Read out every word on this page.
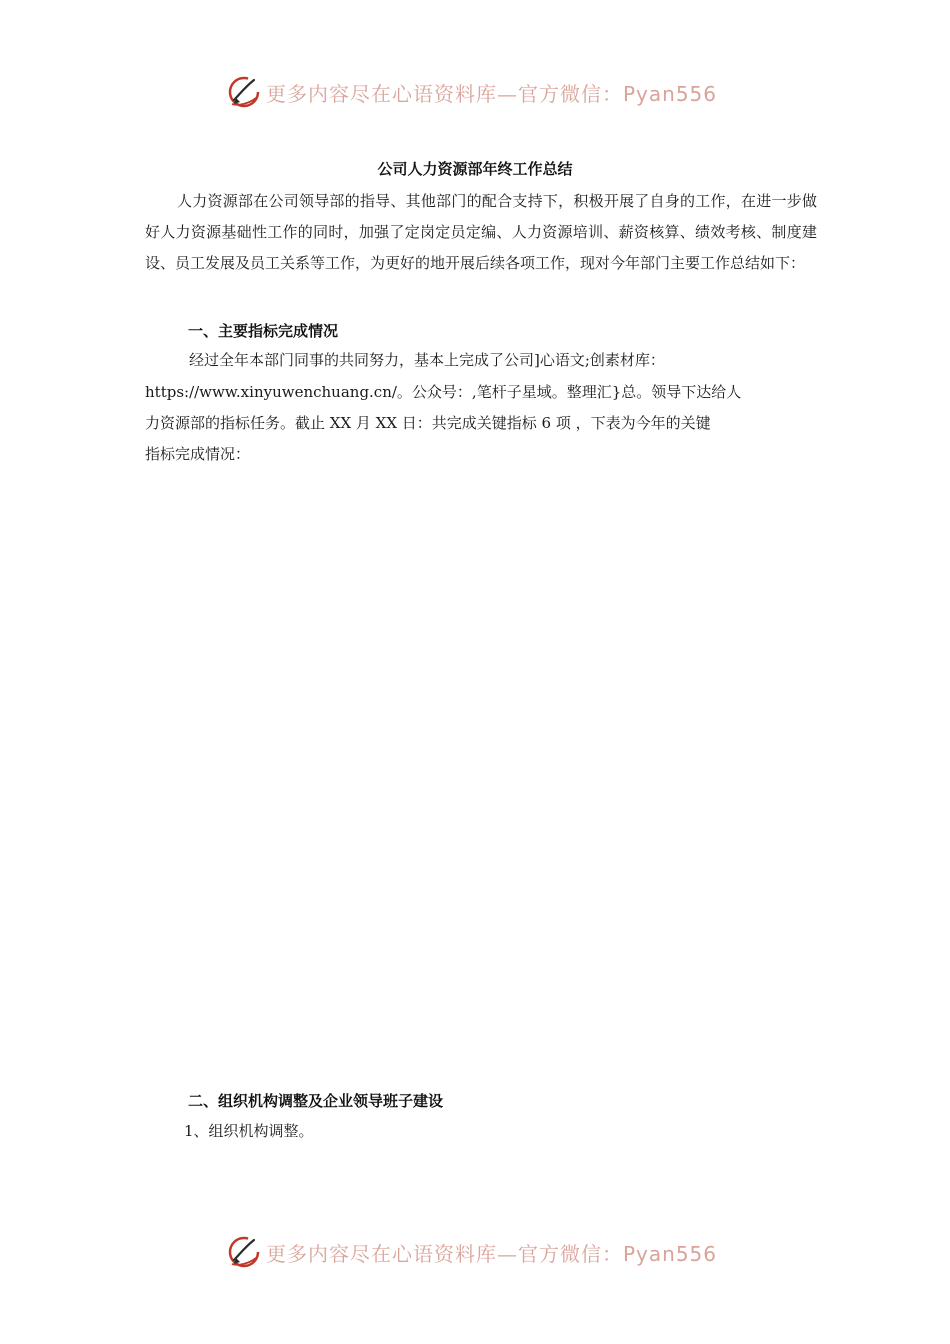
更多内容尽在心语资料库—官方微信：Pyan556
公司人力资源部年终工作总结

人力资源部在公司领导部的指导、其他部门的配合支持下，积极开展了自身的工作，在进一步做好人力资源基础性工作的同时，加强了定岗定员定编、人力资源培训、薪资核算、绩效考核、制度建设、员工发展及员工关系等工作，为更好的地开展后续各项工作，现对今年部门主要工作总结如下：

一、主要指标完成情况
经过全年本部门同事的共同努力，基本上完成了公司]心语文;创素材库：
https://www.xinyuwenchuang.cn/。公众号：,笔杆子星域。整理汇}总。领导下达给人
力资源部的指标任务。截止 XX 月 XX 日：共完成关键指标 6 项 ，下表为今年的关键
指标完成情况：
二、组织机构调整及企业领导班子建设
1、组织机构调整。
更多内容尽在心语资料库—官方微信：Pyan556
